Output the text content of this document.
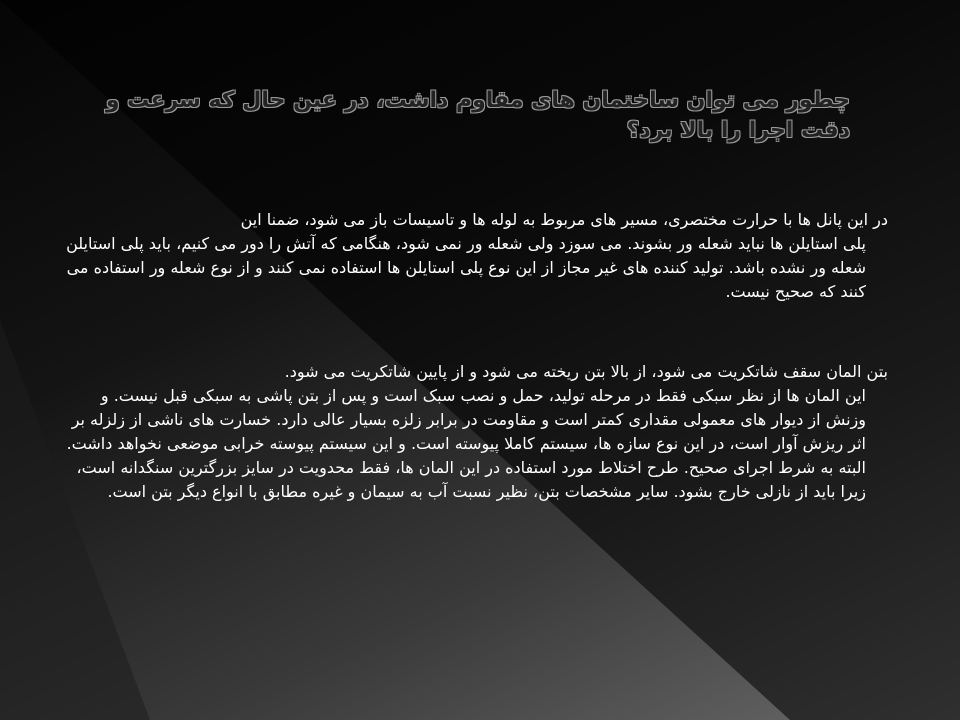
چطور می توان ساختمان های مقاوم داشت، در عین حال که سرعت و دقت اجرا را بالا برد؟
در این پانل ها با حرارت مختصری، مسیر های مربوط به لوله ها و تاسیسات باز می شود، ضمنا این
پلی استایلن ها نباید شعله ور بشوند. می سوزد ولی شعله ور نمی شود، هنگامی که آتش را دور می کنیم، باید پلی استایلن شعله ور نشده باشد. تولید کننده های غیر مجاز از این نوع پلی استایلن ها استفاده نمی کنند و از نوع شعله ور استفاده می کنند که صحیح نیست.
بتن المان سقف شاتکریت می شود، از بالا بتن ریخته می شود و از پایین شاتکریت می شود.
این المان ها از نظر سبکی فقط در مرحله تولید، حمل و نصب سبک است و پس از بتن پاشی به سبکی قبل نیست. و وزنش از دیوار های معمولی مقداری کمتر است و مقاومت در برابر زلزه بسیار عالی دارد. خسارت های ناشی از زلزله بر اثر ریزش آوار است، در این نوع سازه ها، سیستم کاملا پیوسته است. و این سیستم پیوسته خرابی موضعی نخواهد داشت. البته به شرط اجرای صحیح. طرح اختلاط مورد استفاده در این المان ها، فقط محدویت در سایز بزرگترین سنگدانه است، زیرا باید از نازلی خارج بشود. سایر مشخصات بتن، نظیر نسبت آب به سیمان و غیره مطابق با انواع دیگر بتن است.
